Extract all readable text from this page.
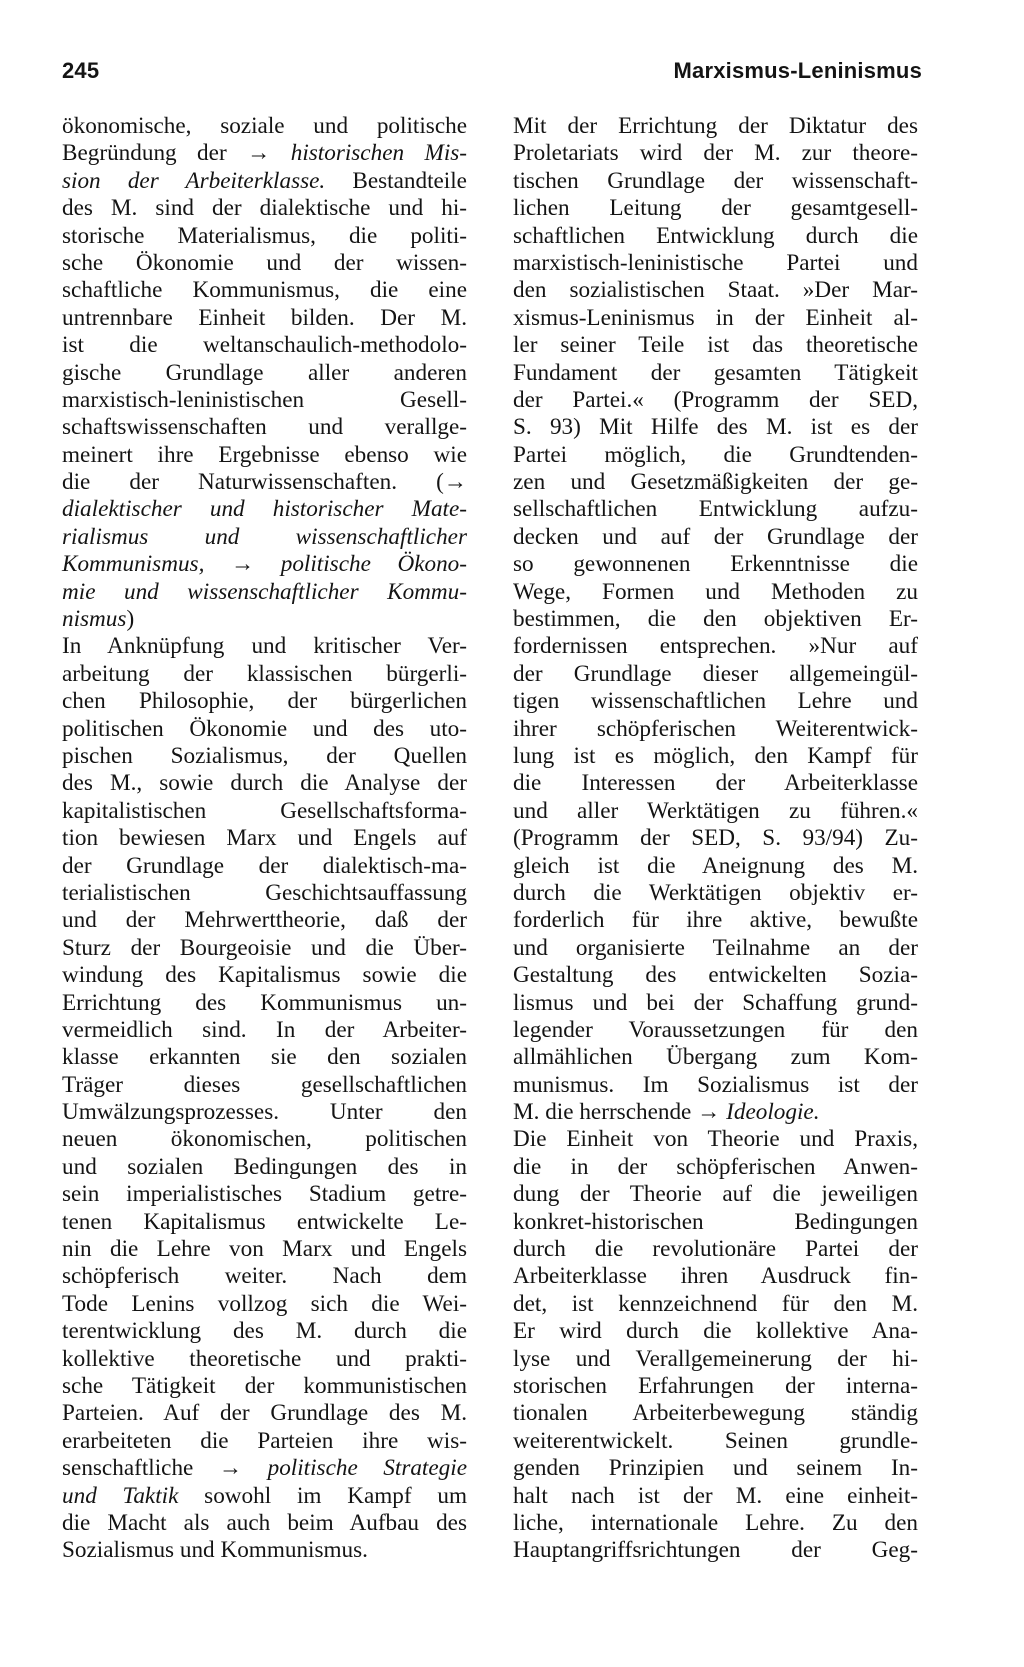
245	Marxismus-Leninismus
ökonomische, soziale und politische
Begründung der → historischen Mis-
sion der Arbeiterklasse. Bestandteile
des M. sind der dialektische und hi-
storische Materialismus, die politi-
sche Ökonomie und der wissen-
schaftliche Kommunismus, die eine
untrennbare Einheit bilden. Der M.
ist die weltanschaulich-methodolo-
gische Grundlage aller anderen
marxistisch-leninistischen Gesell-
schaftswissenschaften und verallge-
meinert ihre Ergebnisse ebenso wie
die der Naturwissenschaften. (→
dialektischer und historischer Mate-
rialismus und wissenschaftlicher
Kommunismus, → politische Ökono-
mie und wissenschaftlicher Kommu-
nismus)
In Anknüpfung und kritischer Ver-
arbeitung der klassischen bürgerli-
chen Philosophie, der bürgerlichen
politischen Ökonomie und des uto-
pischen Sozialismus, der Quellen
des M., sowie durch die Analyse der
kapitalistischen Gesellschaftsforma-
tion bewiesen Marx und Engels auf
der Grundlage der dialektisch-ma-
terialistischen Geschichtsauffassung
und der Mehrwerttheorie, daß der
Sturz der Bourgeoisie und die Über-
windung des Kapitalismus sowie die
Errichtung des Kommunismus un-
vermeidlich sind. In der Arbeiter-
klasse erkannten sie den sozialen
Träger dieses gesellschaftlichen
Umwälzungsprozesses. Unter den
neuen ökonomischen, politischen
und sozialen Bedingungen des in
sein imperialistisches Stadium getre-
tenen Kapitalismus entwickelte Le-
nin die Lehre von Marx und Engels
schöpferisch weiter. Nach dem
Tode Lenins vollzog sich die Wei-
terentwicklung des M. durch die
kollektive theoretische und prakti-
sche Tätigkeit der kommunistischen
Parteien. Auf der Grundlage des M.
erarbeiteten die Parteien ihre wis-
senschaftliche → politische Strategie
und Taktik sowohl im Kampf um
die Macht als auch beim Aufbau des
Sozialismus und Kommunismus.
Mit der Errichtung der Diktatur des
Proletariats wird der M. zur theore-
tischen Grundlage der wissenschaft-
lichen Leitung der gesamtgesell-
schaftlichen Entwicklung durch die
marxistisch-leninistische Partei und
den sozialistischen Staat. »Der Mar-
xismus-Leninismus in der Einheit al-
ler seiner Teile ist das theoretische
Fundament der gesamten Tätigkeit
der Partei.« (Programm der SED,
S. 93) Mit Hilfe des M. ist es der
Partei möglich, die Grundtenden-
zen und Gesetzmäßigkeiten der ge-
sellschaftlichen Entwicklung aufzu-
decken und auf der Grundlage der
so gewonnenen Erkenntnisse die
Wege, Formen und Methoden zu
bestimmen, die den objektiven Er-
fordernissen entsprechen. »Nur auf
der Grundlage dieser allgemeingül-
tigen wissenschaftlichen Lehre und
ihrer schöpferischen Weiterentwick-
lung ist es möglich, den Kampf für
die Interessen der Arbeiterklasse
und aller Werktätigen zu führen.«
(Programm der SED, S. 93/94) Zu-
gleich ist die Aneignung des M.
durch die Werktätigen objektiv er-
forderlich für ihre aktive, bewußte
und organisierte Teilnahme an der
Gestaltung des entwickelten Sozia-
lismus und bei der Schaffung grund-
legender Voraussetzungen für den
allmählichen Übergang zum Kom-
munismus. Im Sozialismus ist der
M. die herrschende → Ideologie.
Die Einheit von Theorie und Praxis,
die in der schöpferischen Anwen-
dung der Theorie auf die jeweiligen
konkret-historischen Bedingungen
durch die revolutionäre Partei der
Arbeiterklasse ihren Ausdruck fin-
det, ist kennzeichnend für den M.
Er wird durch die kollektive Ana-
lyse und Verallgemeinerung der hi-
storischen Erfahrungen der interna-
tionalen Arbeiterbewegung ständig
weiterentwickelt. Seinen grundle-
genden Prinzipien und seinem In-
halt nach ist der M. eine einheit-
liche, internationale Lehre. Zu den
Hauptangriffsrichtungen der Geg-
